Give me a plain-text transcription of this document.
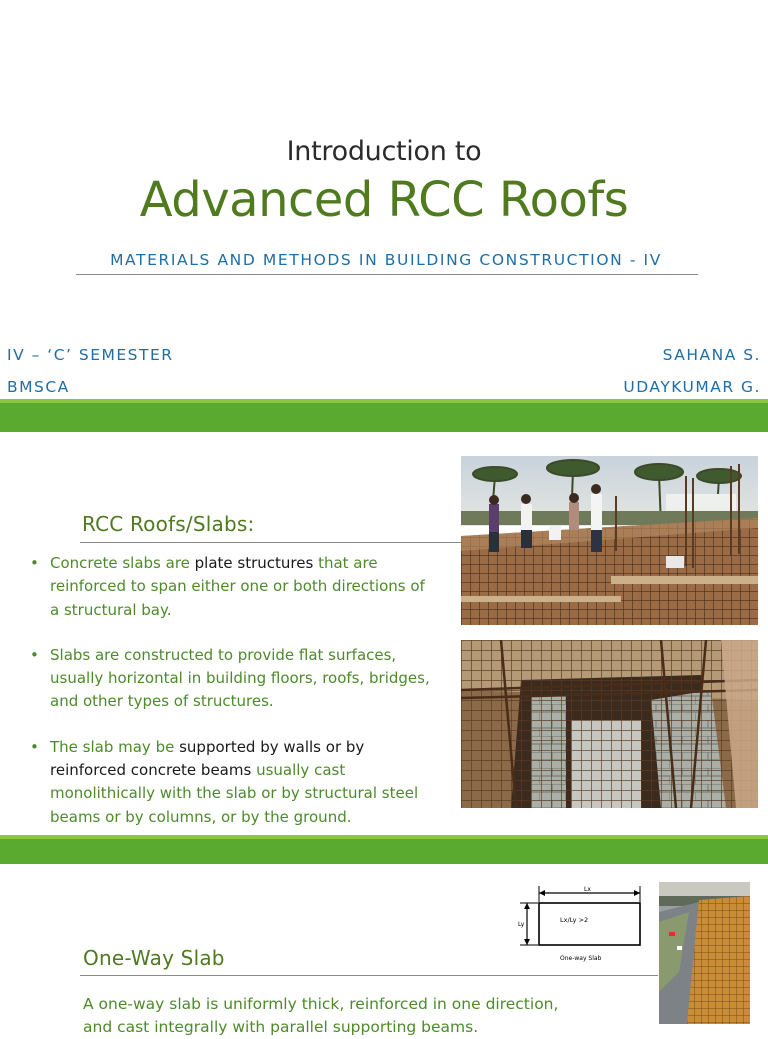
Introduction to
Advanced RCC Roofs
MATERIALS AND METHODS IN BUILDING CONSTRUCTION - IV
IV – ‘C’ SEMESTER
BMSCA
SAHANA S.
UDAYKUMAR G.
RCC Roofs/Slabs:
• Concrete slabs are plate structures that are reinforced to span either one or both directions of a structural bay.
• Slabs are constructed to provide flat surfaces, usually horizontal in building floors, roofs, bridges, and other types of structures.
• The slab may be supported by walls or by reinforced concrete beams usually cast monolithically with the slab or by structural steel beams or by columns, or by the ground.
One-Way Slab
Lx
Ly
Lx/Ly >2
One-way Slab
A one-way slab is uniformly thick, reinforced in one direction, and cast integrally with parallel supporting beams.
